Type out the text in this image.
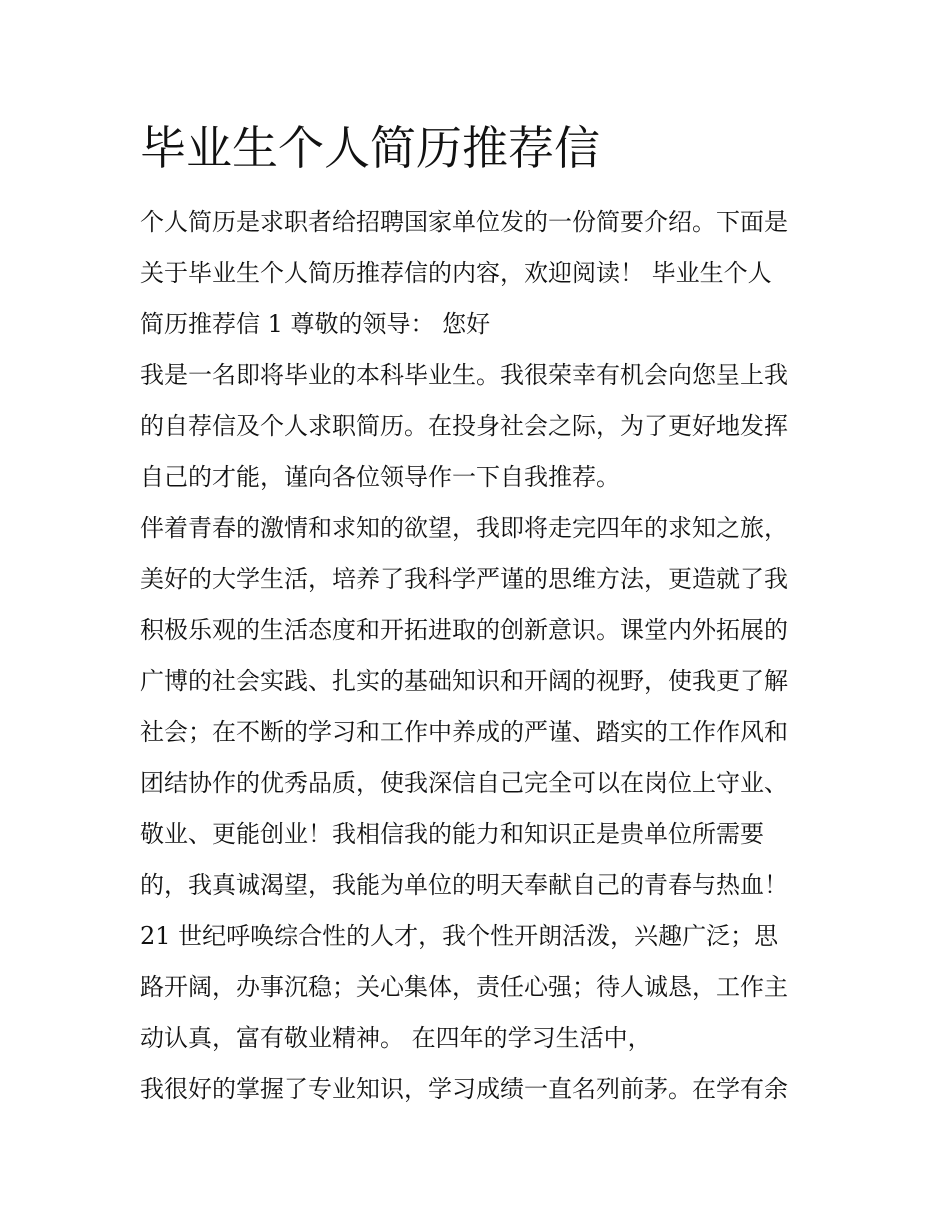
毕业生个人简历推荐信

个人简历是求职者给招聘国家单位发的一份简要介绍。下面是

关于毕业生个人简历推荐信的内容，欢迎阅读！ 毕业生个人

简历推荐信 1 尊敬的领导： 您好

我是一名即将毕业的本科毕业生。我很荣幸有机会向您呈上我

的自荐信及个人求职简历。在投身社会之际，为了更好地发挥

自己的才能，谨向各位领导作一下自我推荐。

伴着青春的激情和求知的欲望，我即将走完四年的求知之旅，

美好的大学生活，培养了我科学严谨的思维方法，更造就了我

积极乐观的生活态度和开拓进取的创新意识。课堂内外拓展的

广博的社会实践、扎实的基础知识和开阔的视野，使我更了解

社会；在不断的学习和工作中养成的严谨、踏实的工作作风和

团结协作的优秀品质，使我深信自己完全可以在岗位上守业、

敬业、更能创业！我相信我的能力和知识正是贵单位所需要

的，我真诚渴望，我能为单位的明天奉献自己的青春与热血！

21 世纪呼唤综合性的人才，我个性开朗活泼，兴趣广泛；思

路开阔，办事沉稳；关心集体，责任心强；待人诚恳，工作主

动认真，富有敬业精神。 在四年的学习生活中，

我很好的掌握了专业知识，学习成绩一直名列前茅。在学有余
